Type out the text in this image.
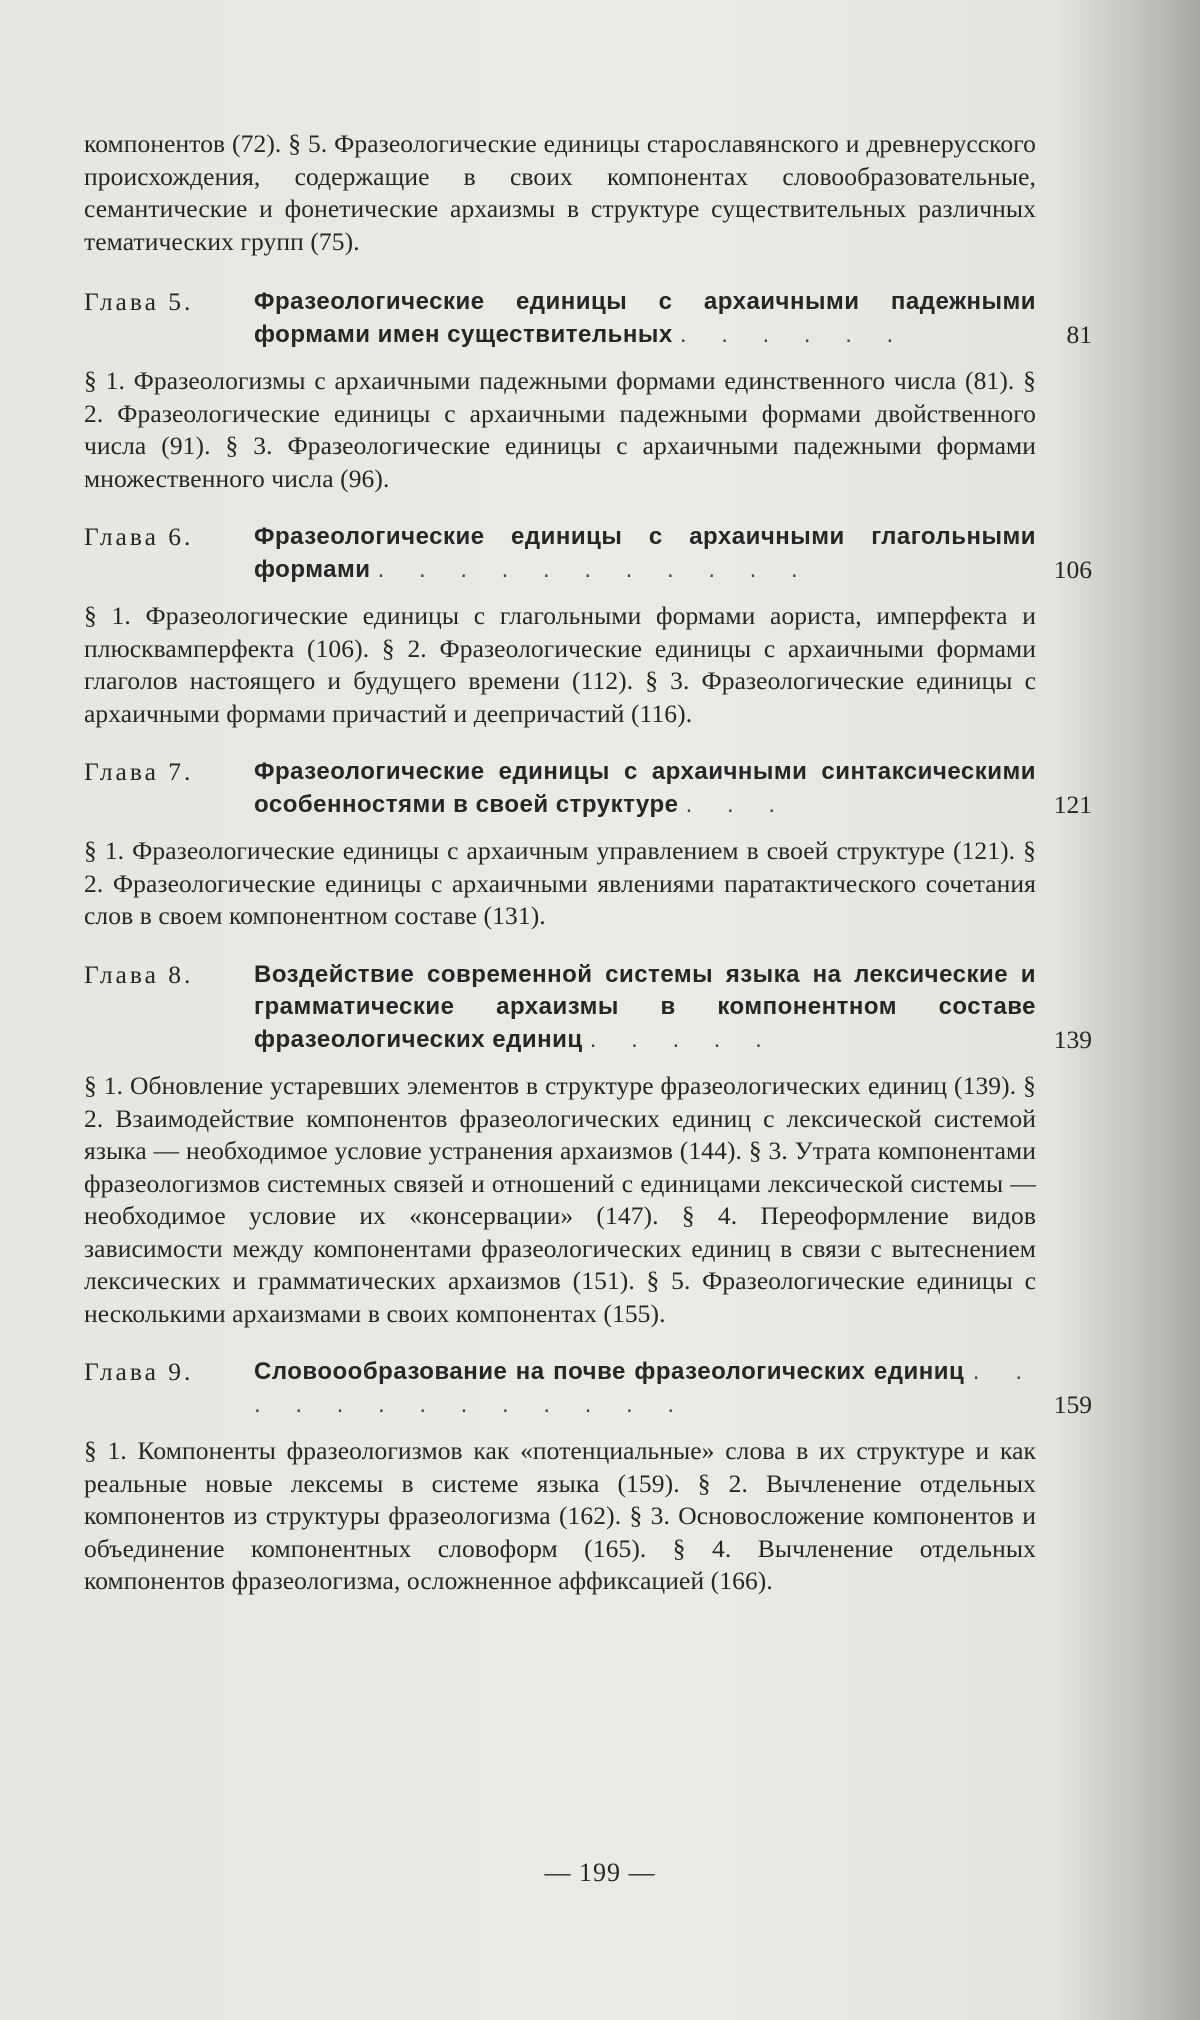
компонентов (72). § 5. Фразеологические единицы старославянского и древнерусского происхождения, содержащие в своих компонентах словообразовательные, семантические и фонетические архаизмы в структуре существительных различных тематических групп (75).

Глава 5.	Фразеологические единицы с архаичными падежными формами имен существительных . . . . . .	81

§ 1. Фразеологизмы с архаичными падежными формами единственного числа (81). § 2. Фразеологические единицы с архаичными падежными формами двойственного числа (91). § 3. Фразеологические единицы с архаичными падежными формами множественного числа (96).

Глава 6.	Фразеологические единицы с архаичными глагольными формами . . . . . . . . . . .	106

§ 1. Фразеологические единицы с глагольными формами аориста, имперфекта и плюсквамперфекта (106). § 2. Фразеологические единицы с архаичными формами глаголов настоящего и будущего времени (112). § 3. Фразеологические единицы с архаичными формами причастий и деепричастий (116).

Глава 7.	Фразеологические единицы с архаичными синтаксическими особенностями в своей структуре . . .	121

§ 1. Фразеологические единицы с архаичным управлением в своей структуре (121). § 2. Фразеологические единицы с архаичными явлениями паратактического сочетания слов в своем компонентном составе (131).

Глава 8.	Воздействие современной системы языка на лексические и грамматические архаизмы в компонентном составе фразеологических единиц . . . . .	139

§ 1. Обновление устаревших элементов в структуре фразеологических единиц (139). § 2. Взаимодействие компонентов фразеологических единиц с лексической системой языка — необходимое условие устранения архаизмов (144). § 3. Утрата компонентами фразеологизмов системных связей и отношений с единицами лексической системы — необходимое условие их «консервации» (147). § 4. Переоформление видов зависимости между компонентами фразеологических единиц в связи с вытеснением лексических и грамматических архаизмов (151). § 5. Фразеологические единицы с несколькими архаизмами в своих компонентах (155).

Глава 9.	Словоообразование на почве фразеологических единиц . . . . . . . . . . . . .	159

§ 1. Компоненты фразеологизмов как «потенциальные» слова в их структуре и как реальные новые лексемы в системе языка (159). § 2. Вычленение отдельных компонентов из структуры фразеологизма (162). § 3. Основосложение компонентов и объединение компонентных словоформ (165). § 4. Вычленение отдельных компонентов фразеологизма, осложненное аффиксацией (166).

— 199 —
